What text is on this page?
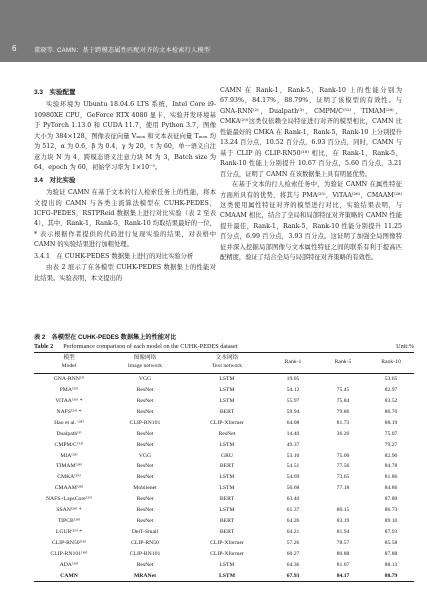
6	董晓等. CAMN：基于跨模态属性匹配对齐的文本检索行人模型
3.3　实验配置

实验环境为 Ubuntu 18.04.6 LTS 系统，Intel Core i9-10980XE CPU，GeForce RTX 4080 显卡，实验开发环境基于 PyTorch 1.13.0 和 CUDA 11.7，使用 Python 3.7，图像大小为 384×128，图像表征向量 Vₘₒₓ 和文本表征向量 Tₘₒₓ 均为 512，α 为 0.6，β 为 0.4，γ 为 20，τ 为 60，单一语义自注意力块 N 为 4，跨模态语义注意力块 M 为 3，Batch size 为 64，epoch 为 60，初始学习率为 1×10⁻⁵。

3.4　对比实验

为验证 CAMN 在基于文本的行人检索任务上的性能，将本文提出的 CAMN 与各类主流算法模型在 CUHK-PEDES，ICFG-PEDES，RSTPReid 数据集上进行对比实验（表 2 至表 4），其中，Rank-1，Rank-5，Rank-10 均取结果最好的一位，* 表示根据作者提供的代码进行复现实验的结果，对表格中 CAMN 的实验结果进行加粗处理。

3.4.1　在 CUHK-PEDES 数据集上进行的对比实验分析

由表 2 展示了在各模型 CUHK-PEDES 数据集上的性能对比结果。实验表明，本文提出的

CAMN 在 Rank-1，Rank-5，Rank-10 上的性能分别为 67.93%，84.17%，88.79%，证明了该模型的有效性。与 GNA-RNN⁽²⁾，Dualpath⁽³⁾，CMPM/C⁽⁵²⁾，TIMAM⁽²⁸⁾，CMKA⁽²⁹⁾这类仅依赖全局特征进行对齐的模型相比，CAMN 比性能最好的 CMKA 在 Rank-1，Rank-5，Rank-10 上分别提升 13.24 百分点，10.52 百分点，6.93 百分点，同时，CAMN 与基于 CLIP 的 CLIP-RN50⁽¹⁸⁾ 相比，在 Rank-1，Rank-5，Rank-10 性能上分别提升 10.67 百分点，5.60 百分点，3.21 百分点，证明了 CAMN 在该数据集上具有明显优势。

在基于文本的行人检索任务中，为验证 CAMN 在属性特征方面所具有的优势，将其与 PMA⁽²⁵⁾，ViTAA⁽²⁶⁾，CMAAM⁽²⁸⁾这类使用属性特征对齐的模型进行对比，实验结果表明，与 CMAAM 相比，结合了全局和局部特征对齐策略的 CAMN 性能提升最佳，Rank-1，Rank-5，Rank-10 性能分别提升 11.25 百分点，6.99 百分点，3.93 百分点。这证明了加强全局图像特征并深入挖掘局部图像与文本属性特征之间的联系有利于提高匹配精度，验证了结合全局与局部特征对齐策略的有效性。

表 2　各模型在 CUHK-PEDES 数据集上的性能对比
Table 2 Performance comparison of each model on the CUHK-PEDES dataset	Unit:%
模型
Model	图像网络
Image network	文本网络
Text network	Rank-1	Rank-5	Rank-10
GNA-RNN⁽²⁾	VGG	LSTM	19.05		53.65
PMA⁽²⁵⁾	ResNet	LSTM	54.12	75.45	82.97
ViTAA⁽²⁶⁾ *	ResNet	LSTM	55.97	75.84	83.52
NAFS⁽²³⁾ *	ResNet	BERT	59.94	79.86	86.70
Han et al. ⁽²⁸⁾	CLIP-RN101	CLIP-Xformer	64.08	81.73	88.19
Dualpath⁽³⁾	ResNet	ResNet	14.40	36.26	75.07
CMPM/C⁽⁵²⁾	ResNet	LSTM	49.37		79.27
MIA⁽³³⁾	VGG	GRU	53.10	75.00	82.90
TIMAM⁽²⁸⁾	ResNet	BERT	54.51	77.56	84.78
CMKA⁽²⁹⁾	ResNet	LSTM	54.69	73.65	81.86
CMAAM⁽²⁸⁾	Mobilenet	LSTM	56.68	77.18	84.86
NAFS+LapsCore⁽²³⁾	ResNet	BERT	63.40		87.80
SSAN⁽²⁸⁾ *	ResNet	LSTM	61.37	80.15	86.73
TIPCB⁽²⁸⁾	ResNet	BERT	64.26	83.19	89.10
LGUR⁽²⁹⁾ *	DeiT-Small	BERT	64.21	81.94	87.93
CLIP-RN50⁽¹⁸⁾	CLIP-RN50	CLIP-Xformer	57.26	78.57	85.58
CLIP-RN101⁽¹⁸⁾	CLIP-RN101	CLIP-Xformer	60.27	80.88	87.88
ADA⁽²⁹⁾	ResNet	LSTM	64.36	81.67	88.13
CAMN	MRANet	LSTM	67.93	84.17	88.79
